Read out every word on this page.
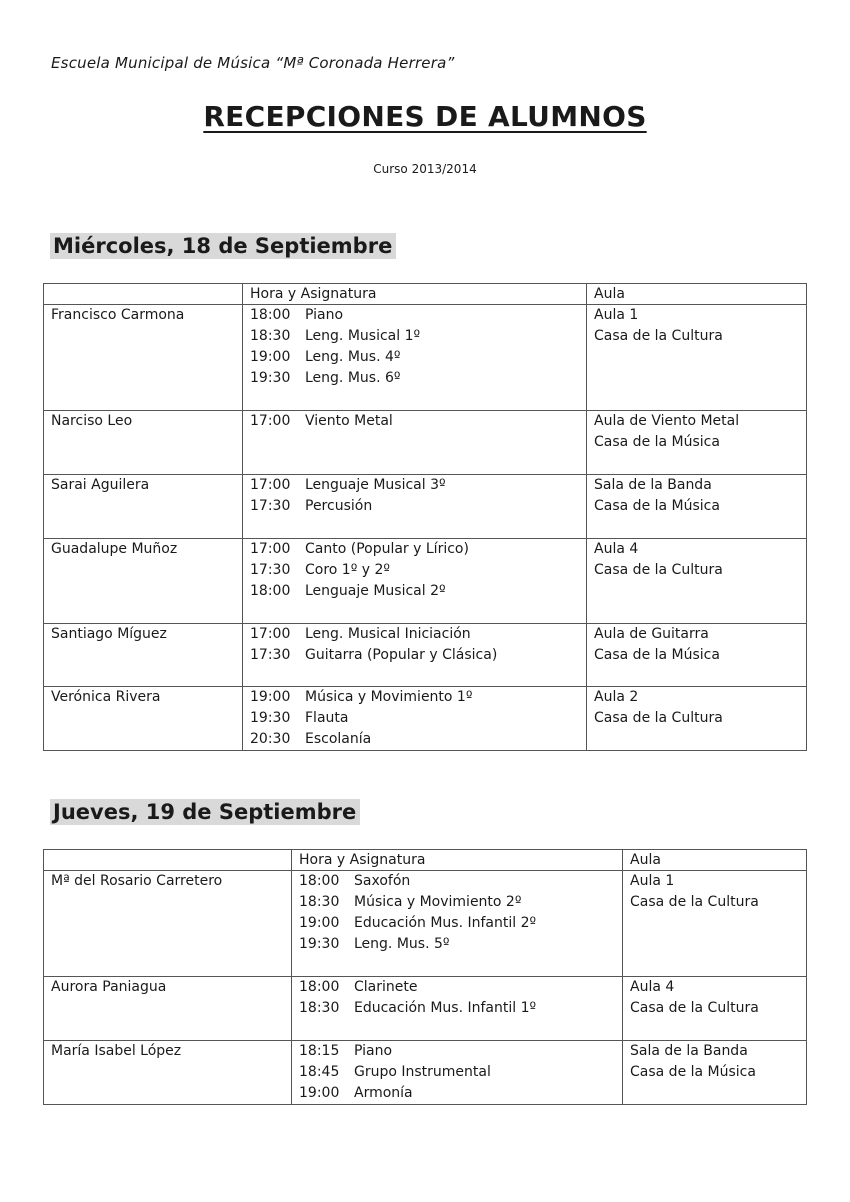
Escuela Municipal de Música “Mª Coronada Herrera”
RECEPCIONES DE ALUMNOS
Curso 2013/2014
Miércoles, 18 de Septiembre
	Hora y Asignatura	Aula
Francisco Carmona	18:00 Piano
18:30 Leng. Musical 1º
19:00 Leng. Mus. 4º
19:30 Leng. Mus. 6º	Aula 1
Casa de la Cultura

Narciso Leo	17:00 Viento Metal	Aula de Viento Metal
Casa de la Música

Sarai Aguilera	17:00 Lenguaje Musical 3º
17:30 Percusión	Sala de la Banda
Casa de la Música

Guadalupe Muñoz	17:00 Canto (Popular y Lírico)
17:30 Coro 1º y 2º
18:00 Lenguaje Musical 2º	Aula 4
Casa de la Cultura

Santiago Míguez	17:00 Leng. Musical Iniciación
17:30 Guitarra (Popular y Clásica)	Aula de Guitarra
Casa de la Música

Verónica Rivera	19:00 Música y Movimiento 1º
19:30 Flauta
20:30 Escolanía	Aula 2
Casa de la Cultura
Jueves, 19 de Septiembre
	Hora y Asignatura	Aula
Mª del Rosario Carretero	18:00 Saxofón
18:30 Música y Movimiento 2º
19:00 Educación Mus. Infantil 2º
19:30 Leng. Mus. 5º	Aula 1
Casa de la Cultura

Aurora Paniagua	18:00 Clarinete
18:30 Educación Mus. Infantil 1º	Aula 4
Casa de la Cultura

María Isabel López	18:15 Piano
18:45 Grupo Instrumental
19:00 Armonía	Sala de la Banda
Casa de la Música
